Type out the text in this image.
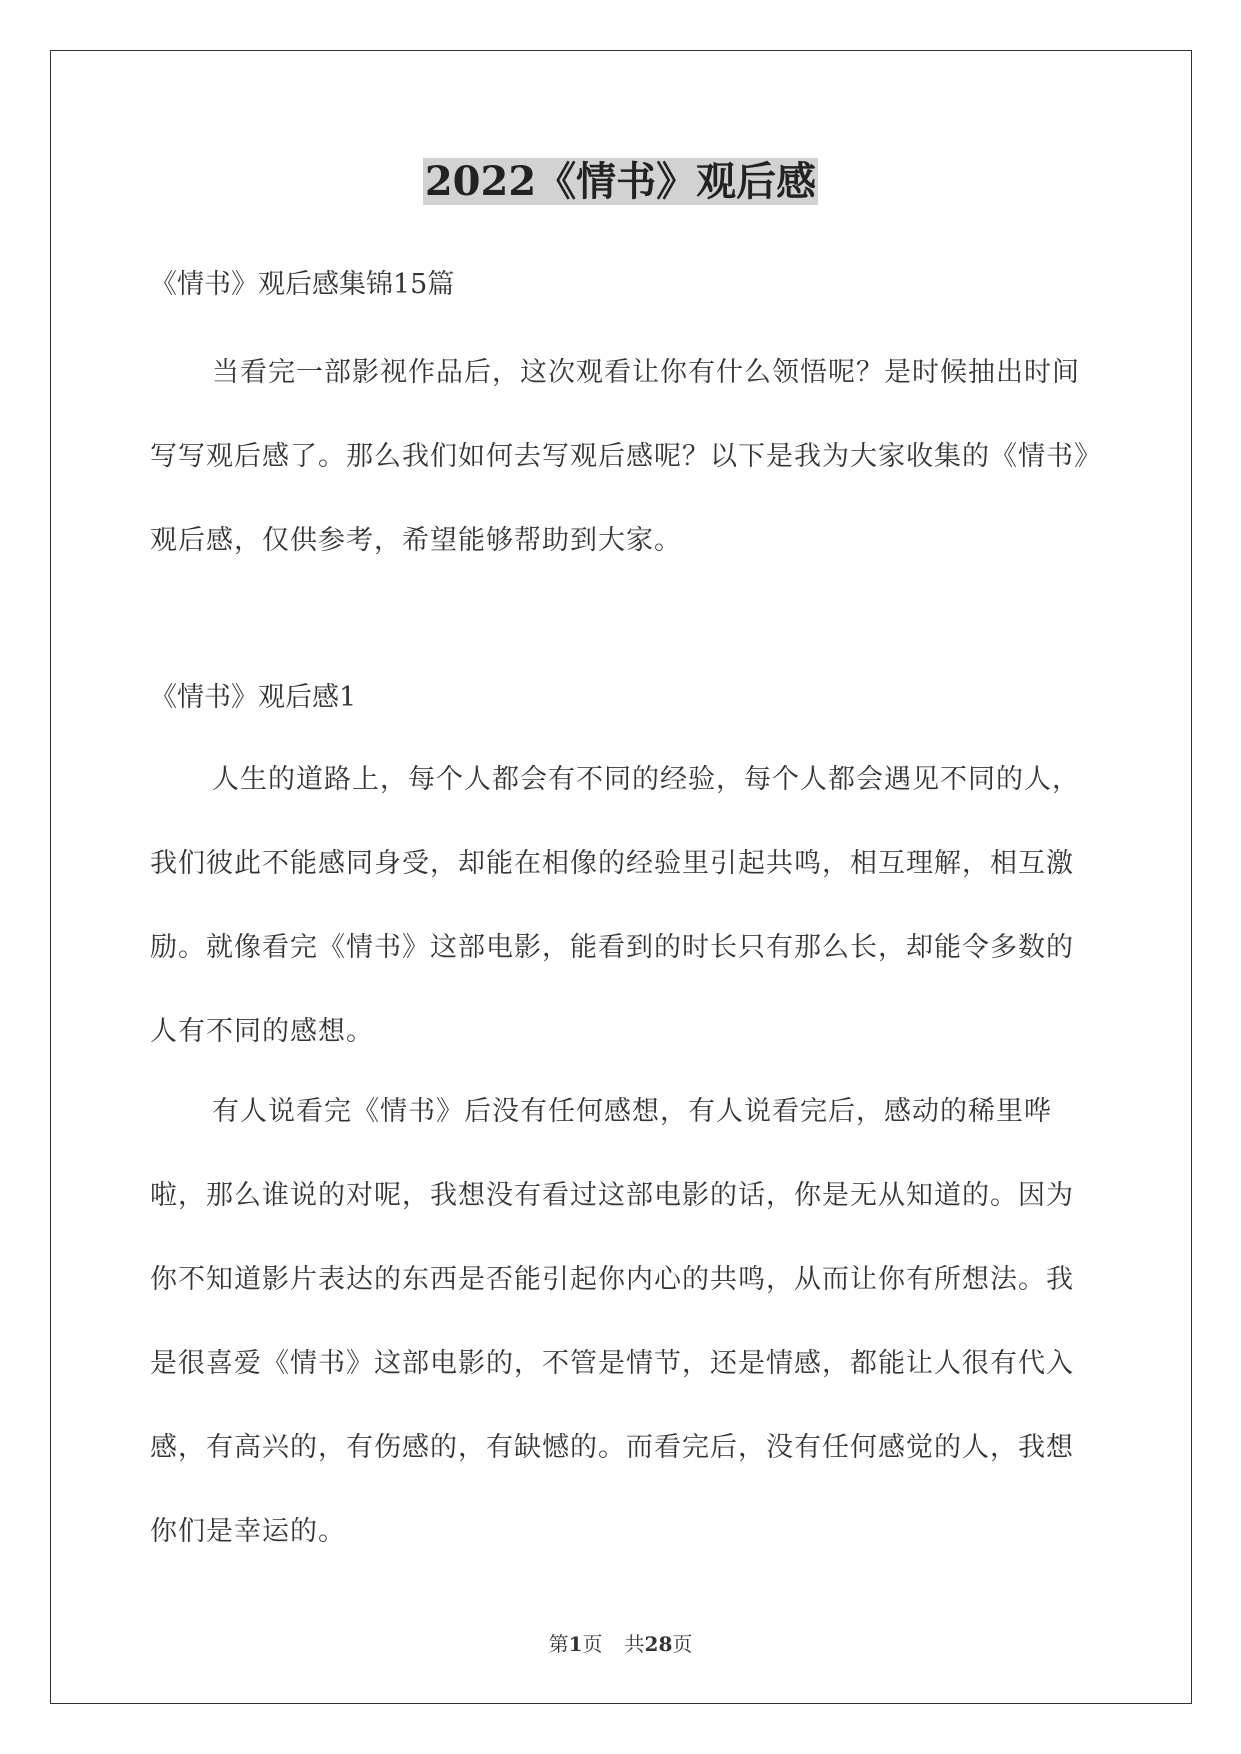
2022《情书》观后感
《情书》观后感集锦15篇

当看完一部影视作品后，这次观看让你有什么领悟呢？是时候抽出时间写写观后感了。那么我们如何去写观后感呢？以下是我为大家收集的《情书》观后感，仅供参考，希望能够帮助到大家。

《情书》观后感1

人生的道路上，每个人都会有不同的经验，每个人都会遇见不同的人，我们彼此不能感同身受，却能在相像的经验里引起共鸣，相互理解，相互激励。就像看完《情书》这部电影，能看到的时长只有那么长，却能令多数的人有不同的感想。

有人说看完《情书》后没有任何感想，有人说看完后，感动的稀里哗啦，那么谁说的对呢，我想没有看过这部电影的话，你是无从知道的。因为你不知道影片表达的东西是否能引起你内心的共鸣，从而让你有所想法。我是很喜爱《情书》这部电影的，不管是情节，还是情感，都能让人很有代入感，有高兴的，有伤感的，有缺憾的。而看完后，没有任何感觉的人，我想你们是幸运的。

第1页 共28页
